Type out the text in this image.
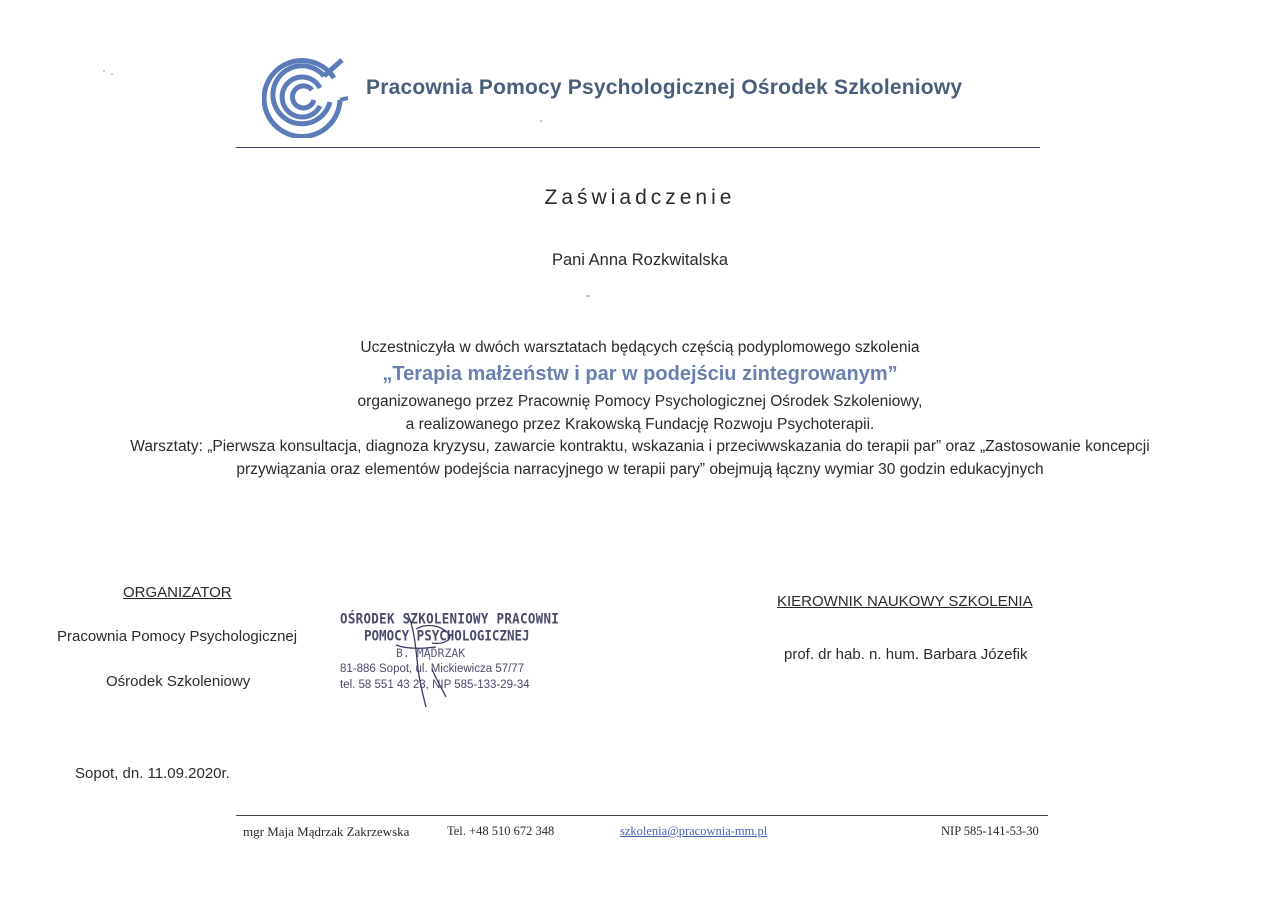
Pracownia Pomocy Psychologicznej Ośrodek Szkoleniowy
Zaświadczenie
Pani Anna Rozkwitalska
Uczestniczyła w dwóch warsztatach będących częścią podyplomowego szkolenia
„Terapia małżeństw i par w podejściu zintegrowanym”
organizowanego przez Pracownię Pomocy Psychologicznej Ośrodek Szkoleniowy,
a realizowanego przez Krakowską Fundację Rozwoju Psychoterapii.
Warsztaty: „Pierwsza konsultacja, diagnoza kryzysu, zawarcie kontraktu, wskazania i przeciwwskazania do terapii par” oraz „Zastosowanie koncepcji
przywiązania oraz elementów podejścia narracyjnego w terapii pary” obejmują łączny wymiar 30 godzin edukacyjnych
ORGANIZATOR
Pracownia Pomocy Psychologicznej
Ośrodek Szkoleniowy
OŚRODEK SZKOLENIOWY PRACOWNI
POMOCY PSYCHOLOGICZNEJ
B. MĄDRZAK
81-886 Sopot, ul. Mickiewicza 57/77
tel. 58 551 43 23, NIP 585-133-29-34
KIEROWNIK NAUKOWY SZKOLENIA
prof. dr hab. n. hum. Barbara Józefik
Sopot, dn. 11.09.2020r.
mgr Maja Mądrzak Zakrzewska	Tel. +48 510 672 348	szkolenia@pracownia-mm.pl	NIP 585-141-53-30
